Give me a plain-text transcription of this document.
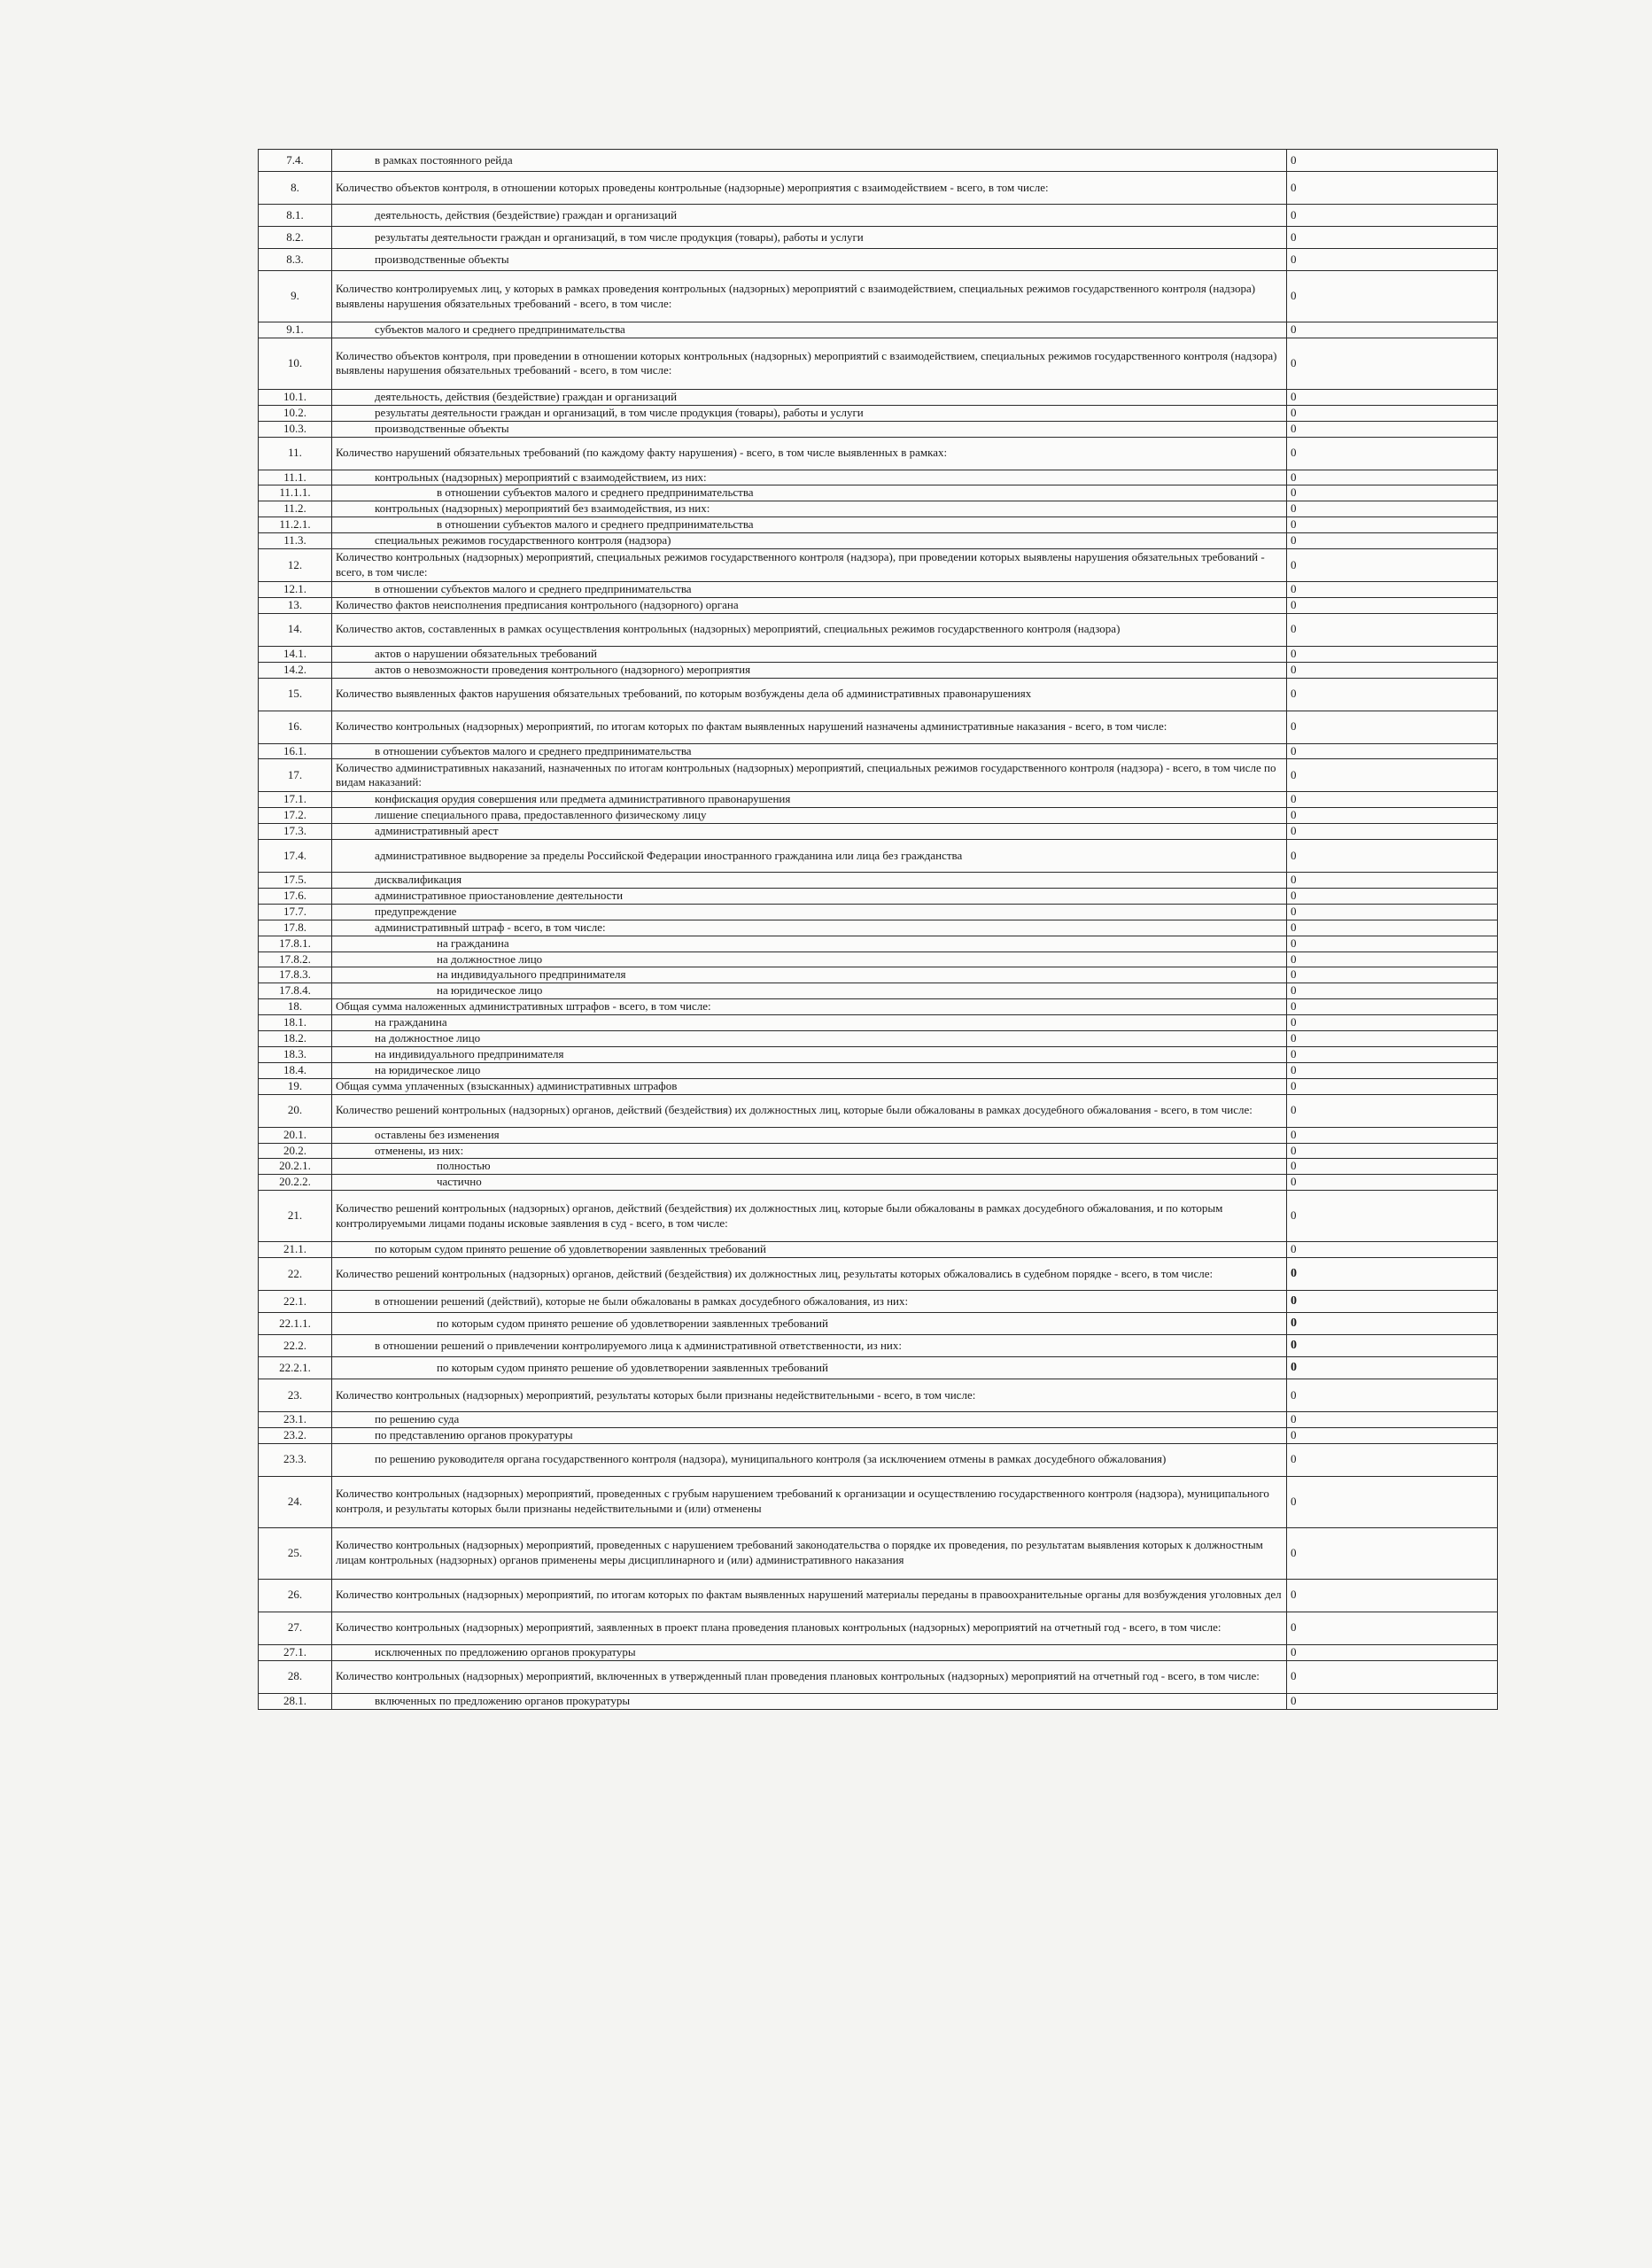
7.4.	в рамках постоянного рейда	0
8.	Количество объектов контроля, в отношении которых проведены контрольные (надзорные) мероприятия с взаимодействием - всего, в том числе:	0
8.1.	деятельность, действия (бездействие) граждан и организаций	0
8.2.	результаты деятельности граждан и организаций, в том числе продукция (товары), работы и услуги	0
8.3.	производственные объекты	0
9.	Количество контролируемых лиц, у которых в рамках проведения контрольных (надзорных) мероприятий с взаимодействием, специальных режимов государственного контроля (надзора) выявлены нарушения обязательных требований - всего, в том числе:	0
9.1.	субъектов малого и среднего предпринимательства	0
10.	Количество объектов контроля, при проведении в отношении которых контрольных (надзорных) мероприятий с взаимодействием, специальных режимов государственного контроля (надзора) выявлены нарушения обязательных требований - всего, в том числе:	0
10.1.	деятельность, действия (бездействие) граждан и организаций	0
10.2.	результаты деятельности граждан и организаций, в том числе продукция (товары), работы и услуги	0
10.3.	производственные объекты	0
11.	Количество нарушений обязательных требований (по каждому факту нарушения) - всего, в том числе выявленных в рамках:	0
11.1.	контрольных (надзорных) мероприятий с взаимодействием, из них:	0
11.1.1.	в отношении субъектов малого и среднего предпринимательства	0
11.2.	контрольных (надзорных) мероприятий без взаимодействия, из них:	0
11.2.1.	в отношении субъектов малого и среднего предпринимательства	0
11.3.	специальных режимов государственного контроля (надзора)	0
12.	Количество контрольных (надзорных) мероприятий, специальных режимов государственного контроля (надзора), при проведении которых выявлены нарушения обязательных требований - всего, в том числе:	0
12.1.	в отношении субъектов малого и среднего предпринимательства	0
13.	Количество фактов неисполнения предписания контрольного (надзорного) органа	0
14.	Количество актов, составленных в рамках осуществления контрольных (надзорных) мероприятий, специальных режимов государственного контроля (надзора)	0
14.1.	актов о нарушении обязательных требований	0
14.2.	актов о невозможности проведения контрольного (надзорного) мероприятия	0
15.	Количество выявленных фактов нарушения обязательных требований, по которым возбуждены дела об административных правонарушениях	0
16.	Количество контрольных (надзорных) мероприятий, по итогам которых по фактам выявленных нарушений назначены административные наказания - всего, в том числе:	0
16.1.	в отношении субъектов малого и среднего предпринимательства	0
17.	Количество административных наказаний, назначенных по итогам контрольных (надзорных) мероприятий, специальных режимов государственного контроля (надзора) - всего, в том числе по видам наказаний:	0
17.1.	конфискация орудия совершения или предмета административного правонарушения	0
17.2.	лишение специального права, предоставленного физическому лицу	0
17.3.	административный арест	0
17.4.	административное выдворение за пределы Российской Федерации иностранного гражданина или лица без гражданства	0
17.5.	дисквалификация	0
17.6.	административное приостановление деятельности	0
17.7.	предупреждение	0
17.8.	административный штраф - всего, в том числе:	0
17.8.1.	на гражданина	0
17.8.2.	на должностное лицо	0
17.8.3.	на индивидуального предпринимателя	0
17.8.4.	на юридическое лицо	0
18.	Общая сумма наложенных административных штрафов - всего, в том числе:	0
18.1.	на гражданина	0
18.2.	на должностное лицо	0
18.3.	на индивидуального предпринимателя	0
18.4.	на юридическое лицо	0
19.	Общая сумма уплаченных (взысканных) административных штрафов	0
20.	Количество решений контрольных (надзорных) органов, действий (бездействия) их должностных лиц, которые были обжалованы в рамках досудебного обжалования - всего, в том числе:	0
20.1.	оставлены без изменения	0
20.2.	отменены, из них:	0
20.2.1.	полностью	0
20.2.2.	частично	0
21.	Количество решений контрольных (надзорных) органов, действий (бездействия) их должностных лиц, которые были обжалованы в рамках досудебного обжалования, и по которым контролируемыми лицами поданы исковые заявления в суд - всего, в том числе:	0
21.1.	по которым судом принято решение об удовлетворении заявленных требований	0
22.	Количество решений контрольных (надзорных) органов, действий (бездействия) их должностных лиц, результаты которых обжаловались в судебном порядке - всего, в том числе:	0
22.1.	в отношении решений (действий), которые не были обжалованы в рамках досудебного обжалования, из них:	0
22.1.1.	по которым судом принято решение об удовлетворении заявленных требований	0
22.2.	в отношении решений о привлечении контролируемого лица к административной ответственности, из них:	0
22.2.1.	по которым судом принято решение об удовлетворении заявленных требований	0
23.	Количество контрольных (надзорных) мероприятий, результаты которых были признаны недействительными - всего, в том числе:	0
23.1.	по решению суда	0
23.2.	по представлению органов прокуратуры	0
23.3.	по решению руководителя органа государственного контроля (надзора), муниципального контроля (за исключением отмены в рамках досудебного обжалования)	0
24.	Количество контрольных (надзорных) мероприятий, проведенных с грубым нарушением требований к организации и осуществлению государственного контроля (надзора), муниципального контроля, и результаты которых были признаны недействительными и (или) отменены	0
25.	Количество контрольных (надзорных) мероприятий, проведенных с нарушением требований законодательства о порядке их проведения, по результатам выявления которых к должностным лицам контрольных (надзорных) органов применены меры дисциплинарного и (или) административного наказания	0
26.	Количество контрольных (надзорных) мероприятий, по итогам которых по фактам выявленных нарушений материалы переданы в правоохранительные органы для возбуждения уголовных дел	0
27.	Количество контрольных (надзорных) мероприятий, заявленных в проект плана проведения плановых контрольных (надзорных) мероприятий на отчетный год - всего, в том числе:	0
27.1.	исключенных по предложению органов прокуратуры	0
28.	Количество контрольных (надзорных) мероприятий, включенных в утвержденный план проведения плановых контрольных (надзорных) мероприятий на отчетный год - всего, в том числе:	0
28.1.	включенных по предложению органов прокуратуры	0
